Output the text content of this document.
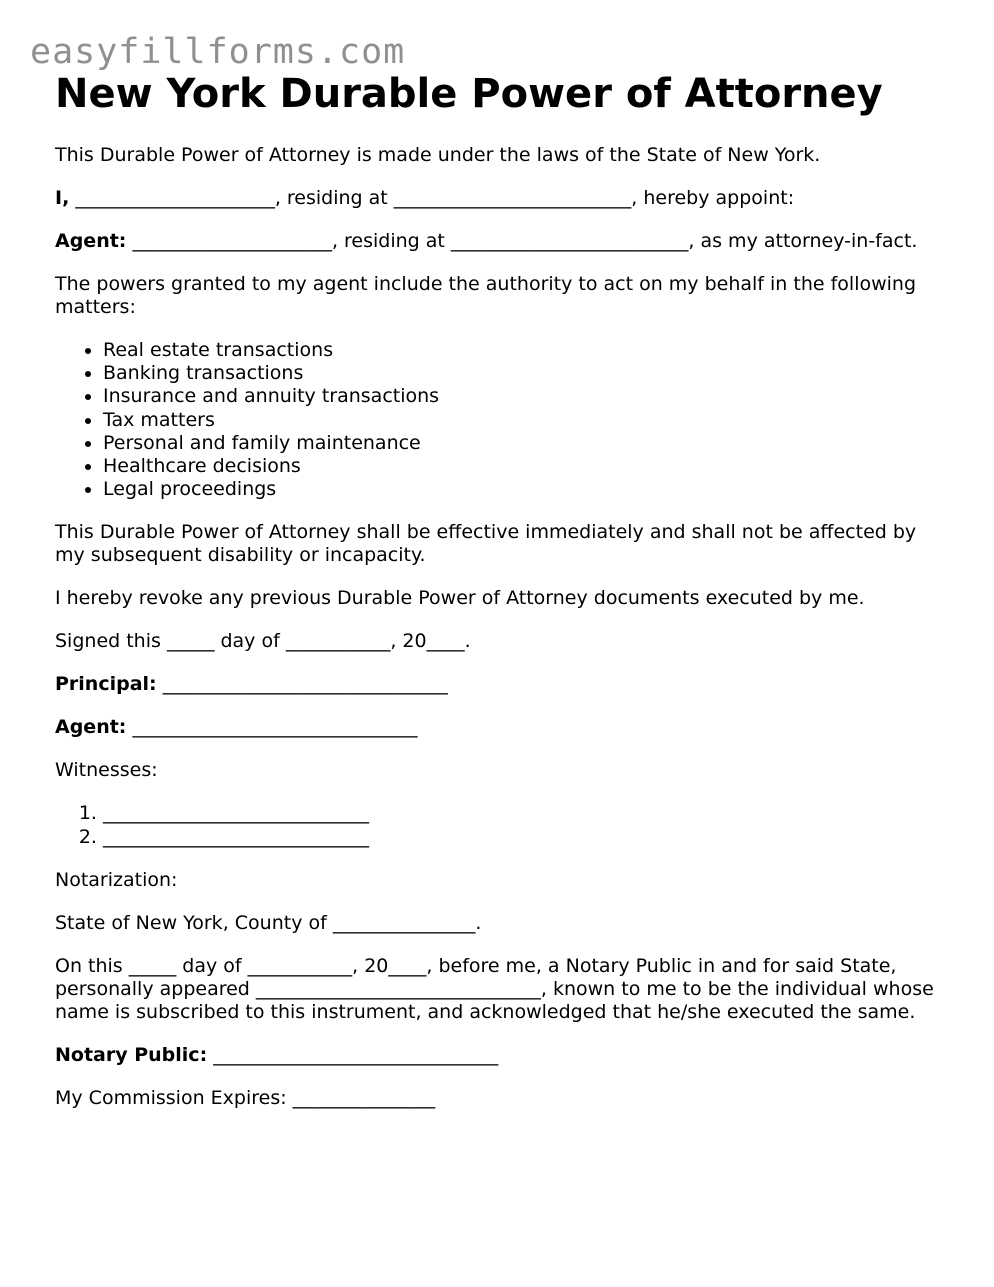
easyfillforms.com
New York Durable Power of Attorney

This Durable Power of Attorney is made under the laws of the State of New York.

I, _____________________, residing at _________________________, hereby appoint:

Agent: _____________________, residing at _________________________, as my attorney-in-fact.

The powers granted to my agent include the authority to act on my behalf in the following matters:

• Real estate transactions
• Banking transactions
• Insurance and annuity transactions
• Tax matters
• Personal and family maintenance
• Healthcare decisions
• Legal proceedings

This Durable Power of Attorney shall be effective immediately and shall not be affected by my subsequent disability or incapacity.

I hereby revoke any previous Durable Power of Attorney documents executed by me.

Signed this _____ day of ___________, 20____.

Principal: ______________________________

Agent: ______________________________

Witnesses:

1. ____________________________
2. ____________________________

Notarization:

State of New York, County of _______________.

On this _____ day of ___________, 20____, before me, a Notary Public in and for said State, personally appeared ______________________________, known to me to be the individual whose name is subscribed to this instrument, and acknowledged that he/she executed the same.

Notary Public: ______________________________

My Commission Expires: _______________
